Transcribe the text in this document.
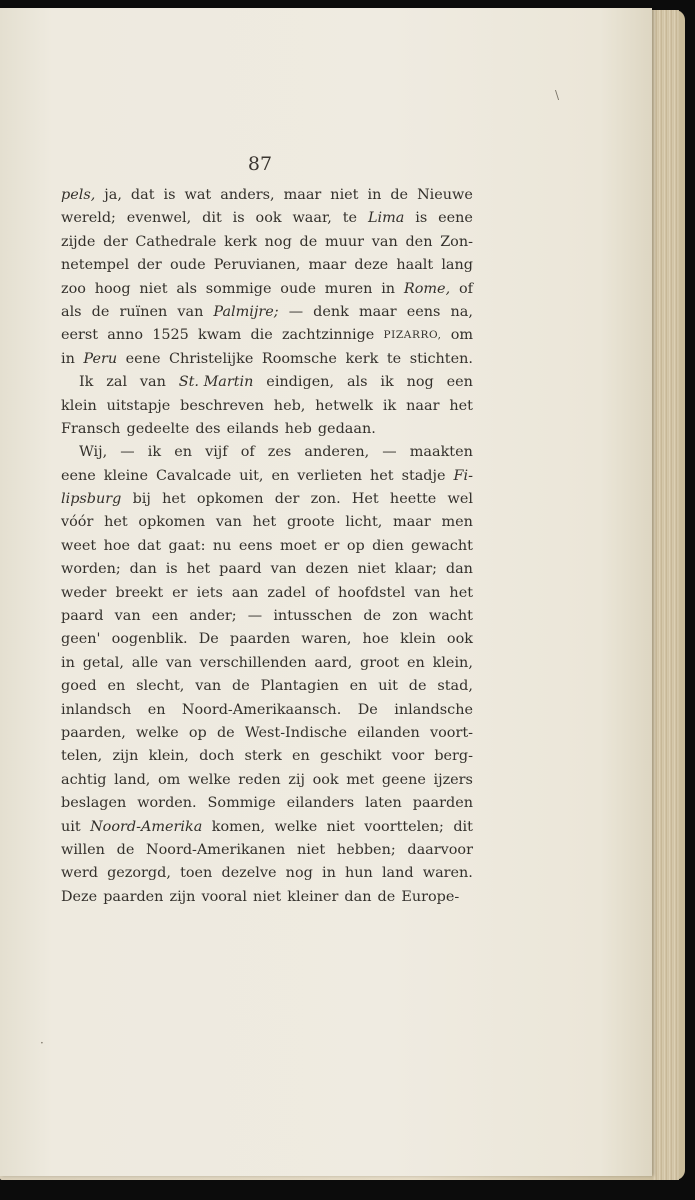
87
pels, ja, dat is wat anders, maar niet in de Nieuwe
wereld; evenwel, dit is ook waar, te Lima is eene
zijde der Cathedrale kerk nog de muur van den Zon-
netempel der oude Peruvianen, maar deze haalt lang
zoo hoog niet als sommige oude muren in Rome, of
als de ruïnen van Palmijre; — denk maar eens na,
eerst anno 1525 kwam die zachtzinnige PIZARRO, om
in Peru eene Christelijke Roomsche kerk te stichten.
Ik zal van St. Martin eindigen, als ik nog een
klein uitstapje beschreven heb, hetwelk ik naar het
Fransch gedeelte des eilands heb gedaan.
Wij, — ik en vijf of zes anderen, — maakten
eene kleine Cavalcade uit, en verlieten het stadje Fi-
lipsburg bij het opkomen der zon. Het heette wel
vóór het opkomen van het groote licht, maar men
weet hoe dat gaat: nu eens moet er op dien gewacht
worden; dan is het paard van dezen niet klaar; dan
weder breekt er iets aan zadel of hoofdstel van het
paard van een ander; — intusschen de zon wacht
geen' oogenblik. De paarden waren, hoe klein ook
in getal, alle van verschillenden aard, groot en klein,
goed en slecht, van de Plantagien en uit de stad,
inlandsch en Noord-Amerikaansch. De inlandsche
paarden, welke op de West-Indische eilanden voort-
telen, zijn klein, doch sterk en geschikt voor berg-
achtig land, om welke reden zij ook met geene ijzers
beslagen worden. Sommige eilanders laten paarden
uit Noord-Amerika komen, welke niet voorttelen; dit
willen de Noord-Amerikanen niet hebben; daarvoor
werd gezorgd, toen dezelve nog in hun land waren.
Deze paarden zijn vooral niet kleiner dan de Europe-
\
·
